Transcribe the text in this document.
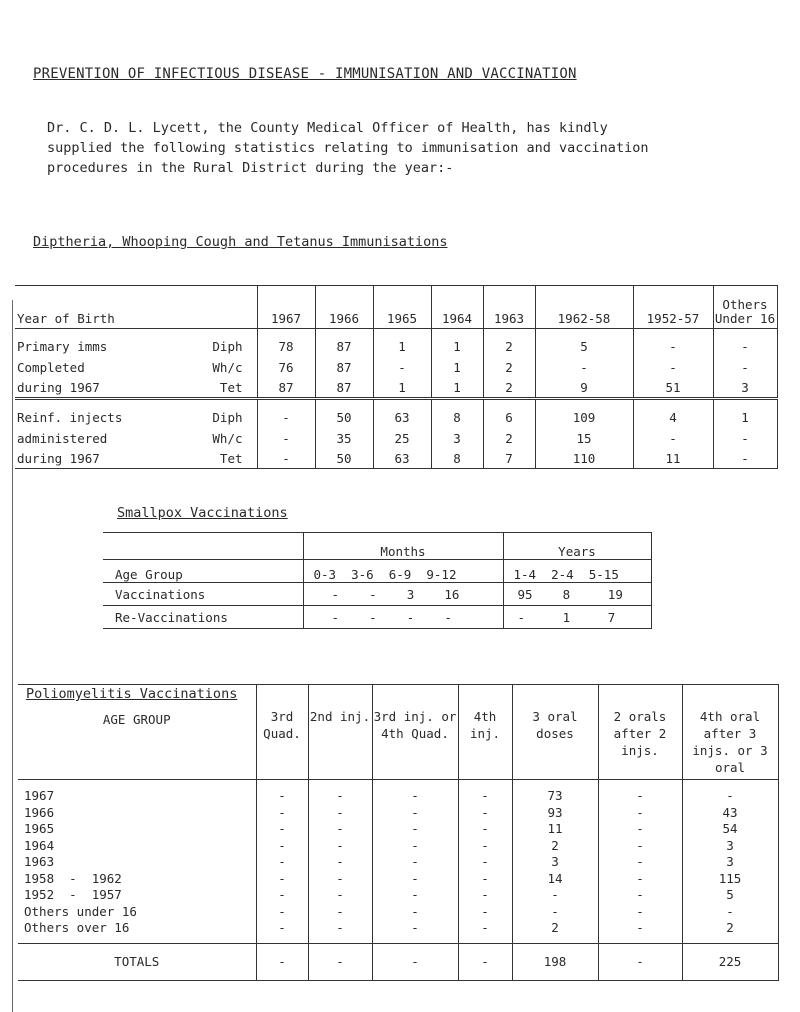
PREVENTION OF INFECTIOUS DISEASE - IMMUNISATION AND VACCINATION
Dr. C. D. L. Lycett, the County Medical Officer of Health, has kindly
supplied the following statistics relating to immunisation and vaccination
procedures in the Rural District during the year:-
Diptheria, Whooping Cough and Tetanus Immunisations
Year of Birth		1967	1966	1965	1964	1963	1962-58	1952-57	Others Under 16
Primary imms	Diph	78	87	1	1	2	5	-	-
Completed	Wh/c	76	87	-	1	2	-	-	-
during 1967	Tet	87	87	1	1	2	9	51	3
Reinf. injects	Diph	-	50	63	8	6	109	4	1
administered	Wh/c	-	35	25	3	2	15	-	-
during 1967	Tet	-	50	63	8	7	110	11	-
Smallpox Vaccinations
	Months	Years
Age Group	0-3  3-6  6-9  9-12	1-4  2-4  5-15
Vaccinations	-    -    3    16	95    8     19
Re-Vaccinations	-    -    -    -	-     1     7
Poliomyelitis Vaccinations
AGE GROUP	3rd Quad.	2nd inj.	3rd inj. or 4th Quad.	4th inj.	3 oral doses	2 orals after 2 injs.	4th oral after 3 injs. or 3 oral
1967	-	-	-	-	73	-	-
1966	-	-	-	-	93	-	43
1965	-	-	-	-	11	-	54
1964	-	-	-	-	2	-	3
1963	-	-	-	-	3	-	3
1958  -  1962	-	-	-	-	14	-	115
1952  -  1957	-	-	-	-	-	-	5
Others under 16	-	-	-	-	-	-	-
Others over 16	-	-	-	-	2	-	2
TOTALS	-	-	-	-	198	-	225
